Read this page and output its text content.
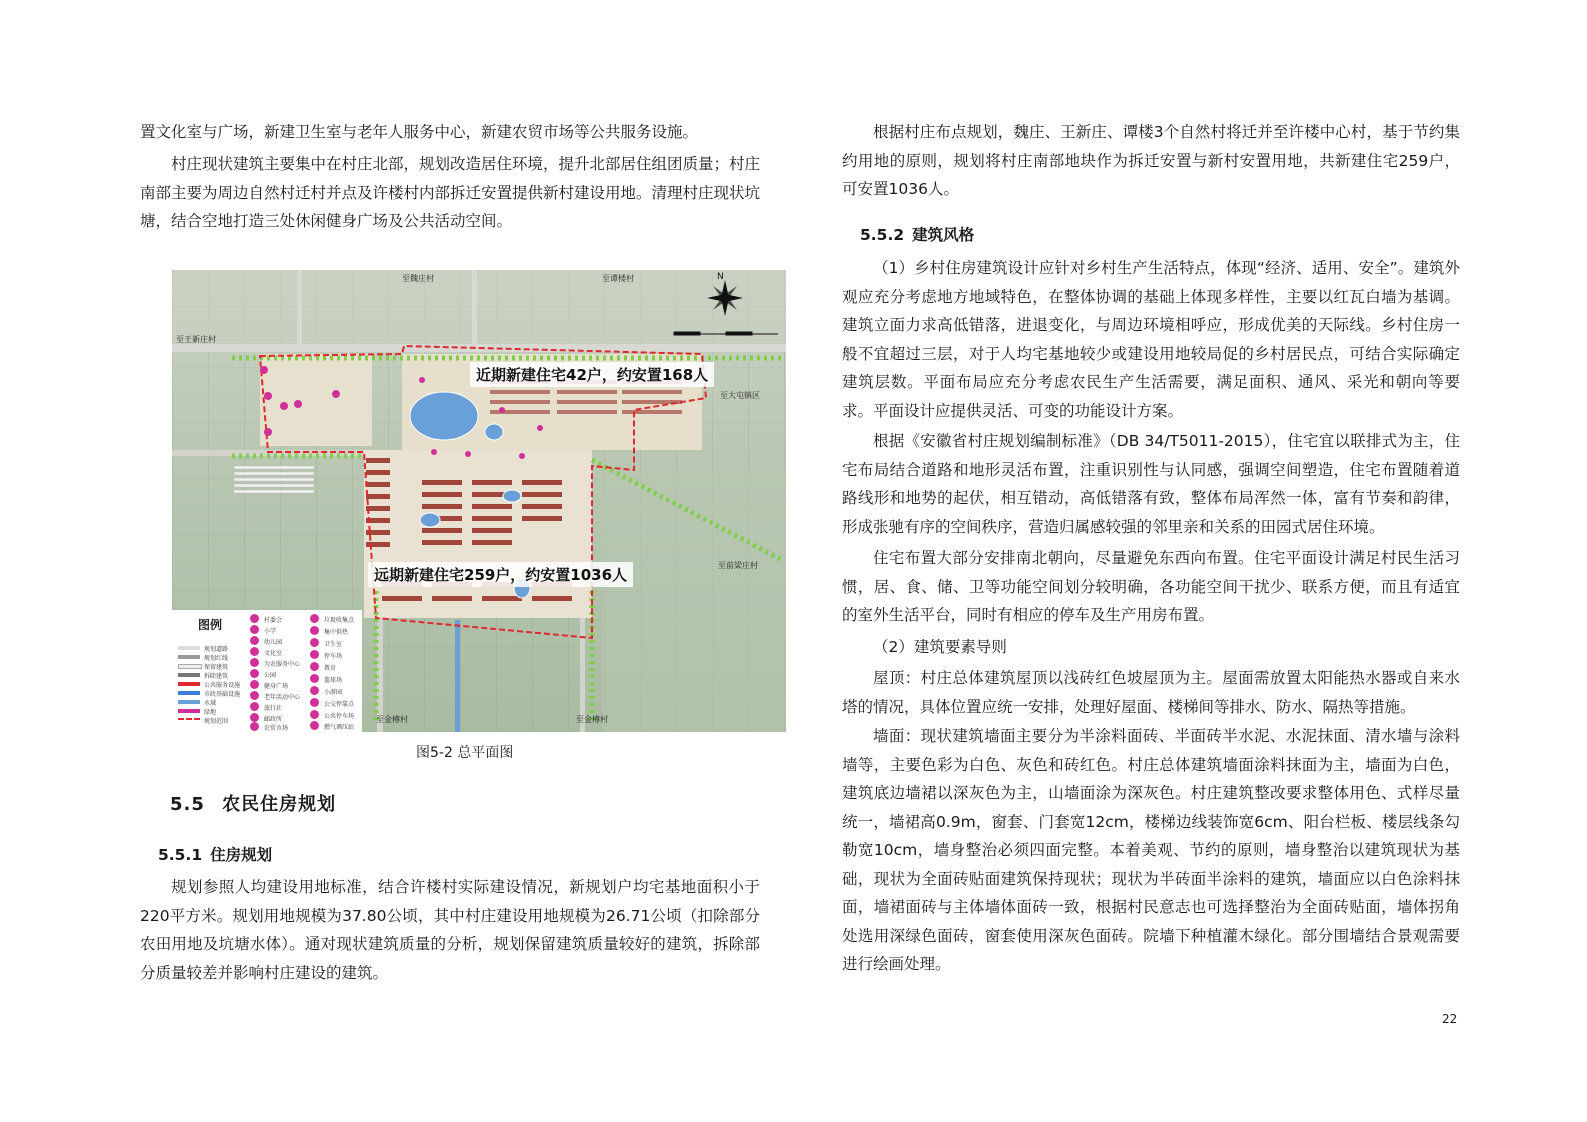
置文化室与广场，新建卫生室与老年人服务中心，新建农贸市场等公共服务设施。

村庄现状建筑主要集中在村庄北部，规划改造居住环境，提升北部居住组团质量；村庄南部主要为周边自然村迁村并点及许楼村内部拆迁安置提供新村建设用地。清理村庄现状坑塘，结合空地打造三处休闲健身广场及公共活动空间。

N
至魏庄村	至谭楼村
至王新庄村
至大屯镇区
至前梁庄村
至金樽村	至金樽村
近期新建住宅42户，约安置168人
远期新建住宅259户，约安置1036人
图例
规划道路
规划红线
保留建筑
拆除建筑
公共服务设施
市政基础设施
水域
绿地
规划范围
村委会
小学
幼儿园
文化室
为农服务中心
公园
健身广场
老年活动中心
旅行社
邮政所
农贸市场
垃圾收集点
集中供热
卫生室
停车场
教育
篮球场
小游园
公交停靠点
公共停车场
燃气调压站
图5-2 总平面图
5.5 农民住房规划
5.5.1 住房规划

规划参照人均建设用地标准，结合许楼村实际建设情况，新规划户均宅基地面积小于220平方米。规划用地规模为37.80公顷，其中村庄建设用地规模为26.71公顷（扣除部分农田用地及坑塘水体）。通对现状建筑质量的分析，规划保留建筑质量较好的建筑，拆除部分质量较差并影响村庄建设的建筑。

根据村庄布点规划，魏庄、王新庄、谭楼3个自然村将迁并至许楼中心村，基于节约集约用地的原则，规划将村庄南部地块作为拆迁安置与新村安置用地，共新建住宅259户，可安置1036人。

5.5.2 建筑风格

（1）乡村住房建筑设计应针对乡村生产生活特点，体现“经济、适用、安全”。建筑外观应充分考虑地方地域特色，在整体协调的基础上体现多样性，主要以红瓦白墙为基调。建筑立面力求高低错落，进退变化，与周边环境相呼应，形成优美的天际线。乡村住房一般不宜超过三层，对于人均宅基地较少或建设用地较局促的乡村居民点，可结合实际确定建筑层数。平面布局应充分考虑农民生产生活需要，满足面积、通风、采光和朝向等要求。平面设计应提供灵活、可变的功能设计方案。

根据《安徽省村庄规划编制标准》（DB 34/T5011-2015），住宅宜以联排式为主，住宅布局结合道路和地形灵活布置，注重识别性与认同感，强调空间塑造，住宅布置随着道路线形和地势的起伏，相互错动，高低错落有致，整体布局浑然一体，富有节奏和韵律，形成张驰有序的空间秩序，营造归属感较强的邻里亲和关系的田园式居住环境。

住宅布置大部分安排南北朝向，尽量避免东西向布置。住宅平面设计满足村民生活习惯，居、食、储、卫等功能空间划分较明确，各功能空间干扰少、联系方便，而且有适宜的室外生活平台，同时有相应的停车及生产用房布置。

（2）建筑要素导则

屋顶：村庄总体建筑屋顶以浅砖红色坡屋顶为主。屋面需放置太阳能热水器或自来水塔的情况，具体位置应统一安排，处理好屋面、楼梯间等排水、防水、隔热等措施。

墙面：现状建筑墙面主要分为半涂料面砖、半面砖半水泥、水泥抹面、清水墙与涂料墙等，主要色彩为白色、灰色和砖红色。村庄总体建筑墙面涂料抹面为主，墙面为白色，建筑底边墙裙以深灰色为主，山墙面涂为深灰色。村庄建筑整改要求整体用色、式样尽量统一，墙裙高0.9m，窗套、门套宽12cm，楼梯边线装饰宽6cm、阳台栏板、楼层线条勾勒宽10cm，墙身整治必须四面完整。本着美观、节约的原则，墙身整治以建筑现状为基础，现状为全面砖贴面建筑保持现状；现状为半砖面半涂料的建筑，墙面应以白色涂料抹面，墙裙面砖与主体墙体面砖一致，根据村民意志也可选择整治为全面砖贴面，墙体拐角处选用深绿色面砖，窗套使用深灰色面砖。院墙下种植灌木绿化。部分围墙结合景观需要进行绘画处理。

22
